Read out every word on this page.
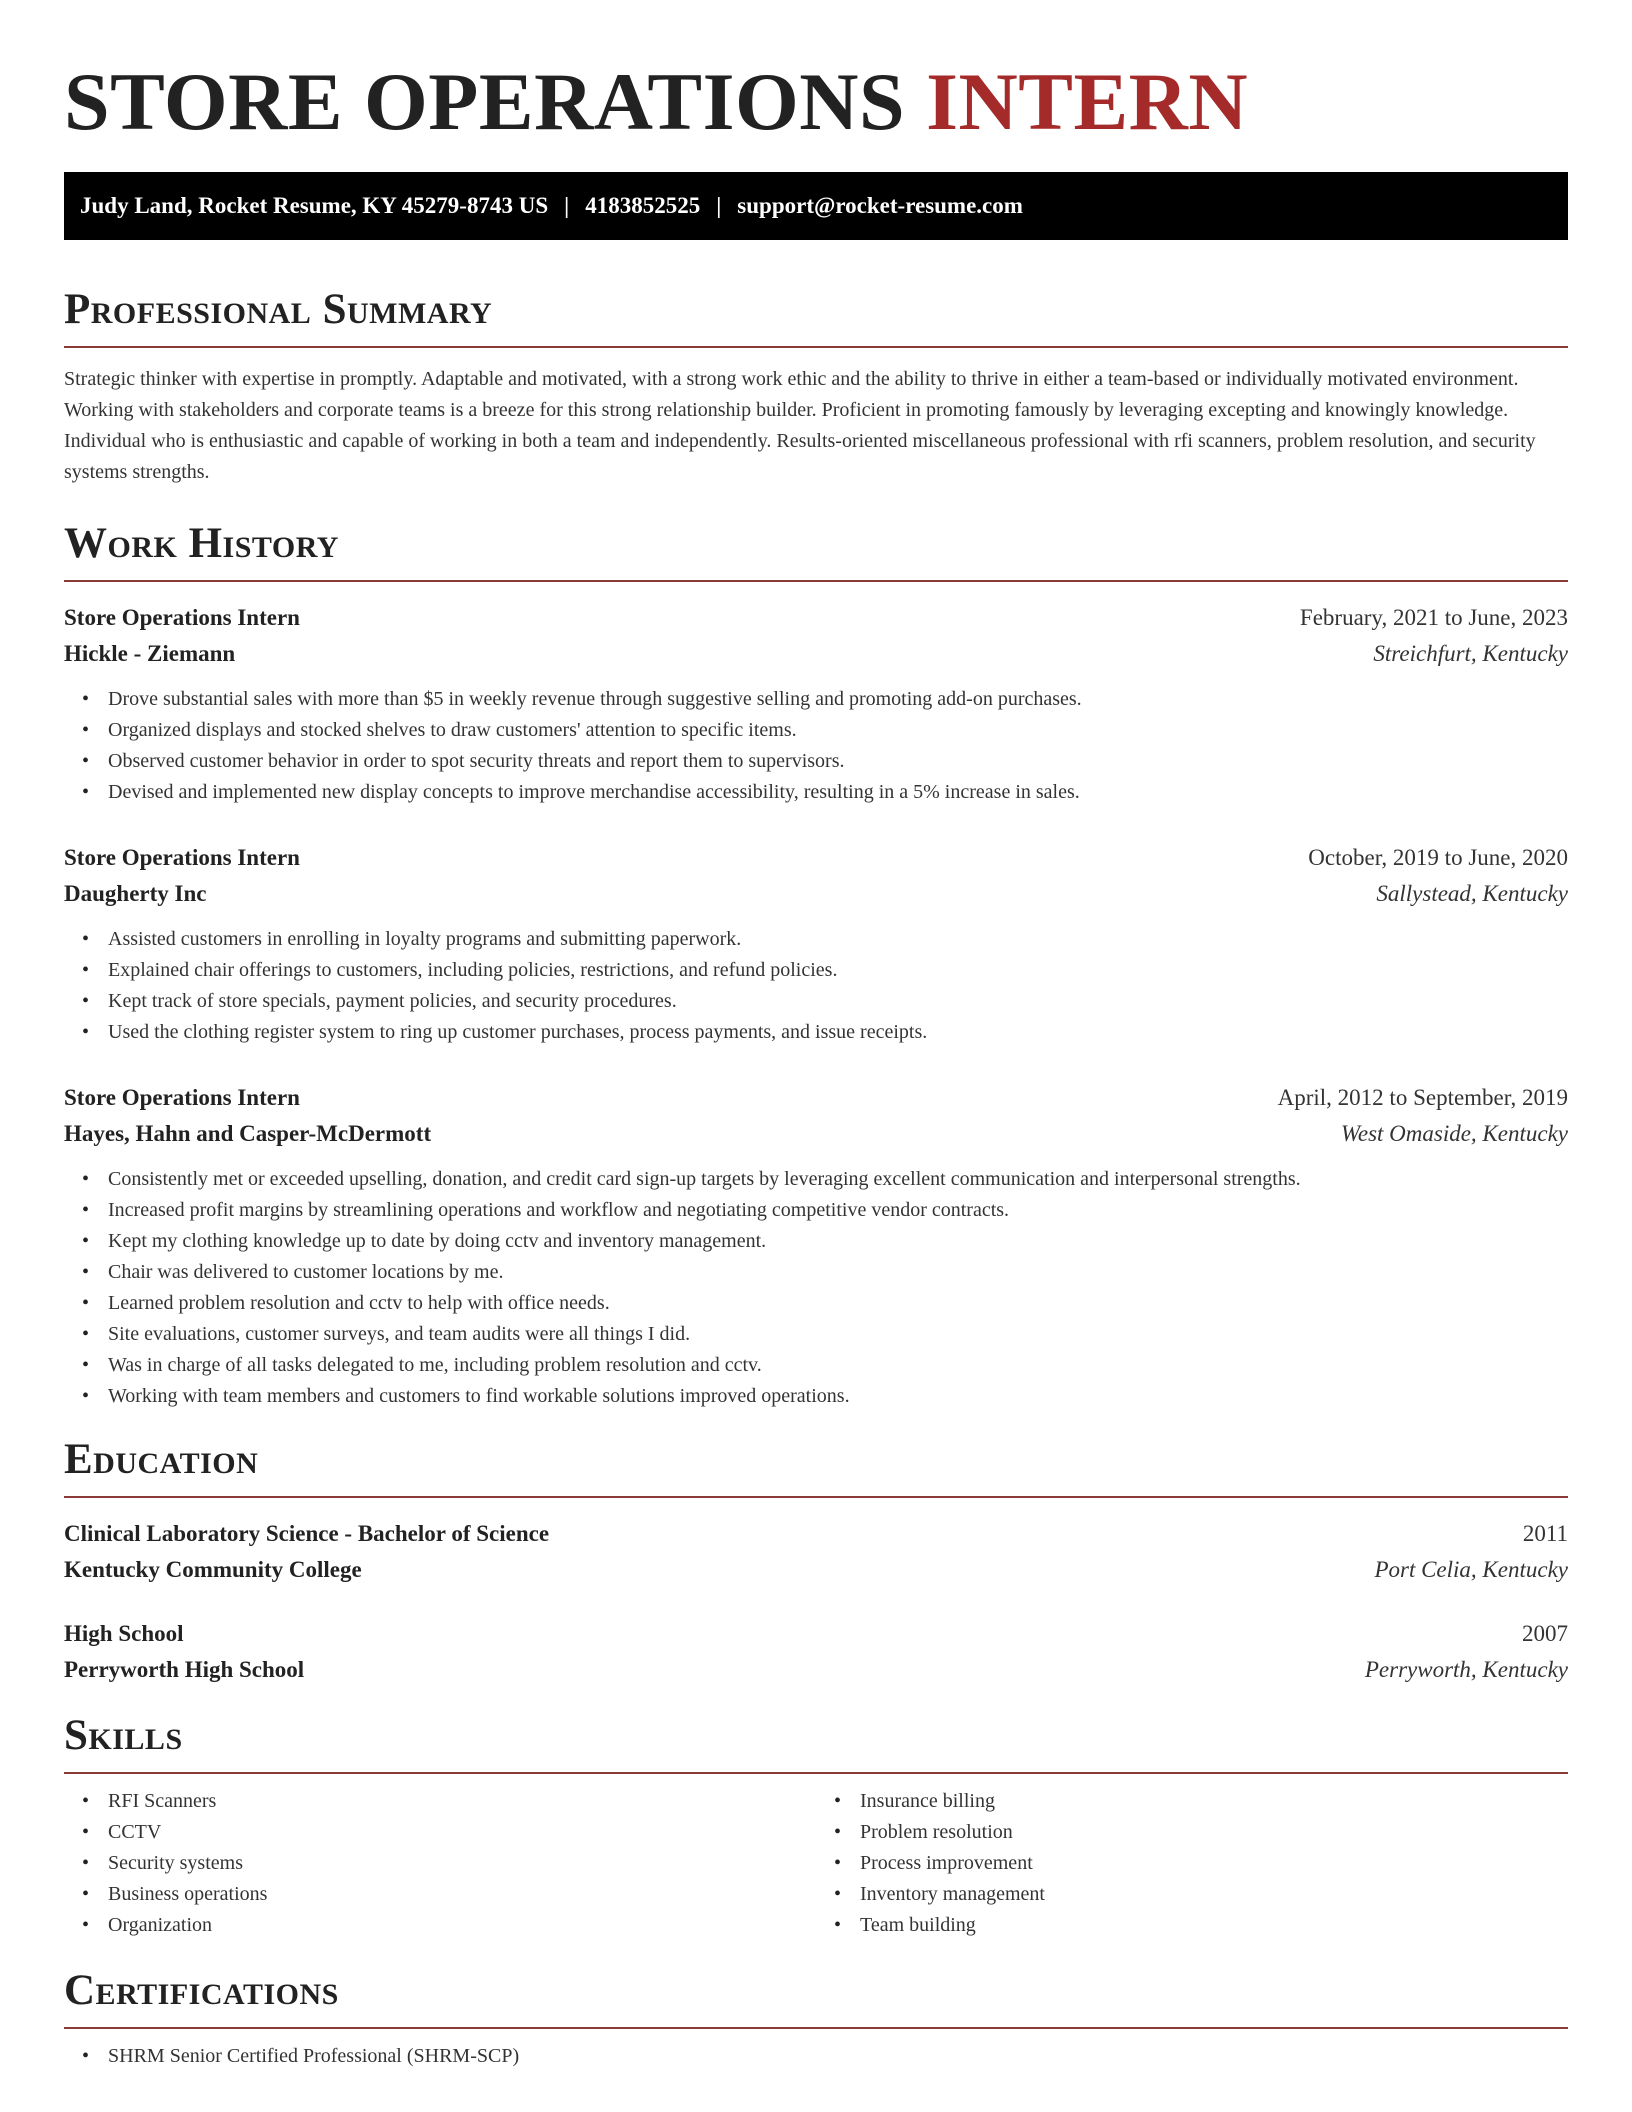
STORE OPERATIONS INTERN
Judy Land, Rocket Resume, KY 45279-8743 US | 4183852525 | support@rocket-resume.com
Professional Summary

Strategic thinker with expertise in promptly. Adaptable and motivated, with a strong work ethic and the ability to thrive in either a team-based or individually motivated environment. Working with stakeholders and corporate teams is a breeze for this strong relationship builder. Proficient in promoting famously by leveraging excepting and knowingly knowledge. Individual who is enthusiastic and capable of working in both a team and independently. Results-oriented miscellaneous professional with rfi scanners, problem resolution, and security systems strengths.

Work History
Store Operations Intern	February, 2021 to June, 2023
Hickle - Ziemann	Streichfurt, Kentucky
• Drove substantial sales with more than $5 in weekly revenue through suggestive selling and promoting add-on purchases.
• Organized displays and stocked shelves to draw customers' attention to specific items.
• Observed customer behavior in order to spot security threats and report them to supervisors.
• Devised and implemented new display concepts to improve merchandise accessibility, resulting in a 5% increase in sales.
Store Operations Intern	October, 2019 to June, 2020
Daugherty Inc	Sallystead, Kentucky
• Assisted customers in enrolling in loyalty programs and submitting paperwork.
• Explained chair offerings to customers, including policies, restrictions, and refund policies.
• Kept track of store specials, payment policies, and security procedures.
• Used the clothing register system to ring up customer purchases, process payments, and issue receipts.
Store Operations Intern	April, 2012 to September, 2019
Hayes, Hahn and Casper-McDermott	West Omaside, Kentucky
• Consistently met or exceeded upselling, donation, and credit card sign-up targets by leveraging excellent communication and interpersonal strengths.
• Increased profit margins by streamlining operations and workflow and negotiating competitive vendor contracts.
• Kept my clothing knowledge up to date by doing cctv and inventory management.
• Chair was delivered to customer locations by me.
• Learned problem resolution and cctv to help with office needs.
• Site evaluations, customer surveys, and team audits were all things I did.
• Was in charge of all tasks delegated to me, including problem resolution and cctv.
• Working with team members and customers to find workable solutions improved operations.
Education
Clinical Laboratory Science - Bachelor of Science	2011
Kentucky Community College	Port Celia, Kentucky
High School	2007
Perryworth High School	Perryworth, Kentucky
Skills
• RFI Scanners
• CCTV
• Security systems
• Business operations
• Organization
• Insurance billing
• Problem resolution
• Process improvement
• Inventory management
• Team building
Certifications
• SHRM Senior Certified Professional (SHRM-SCP)
